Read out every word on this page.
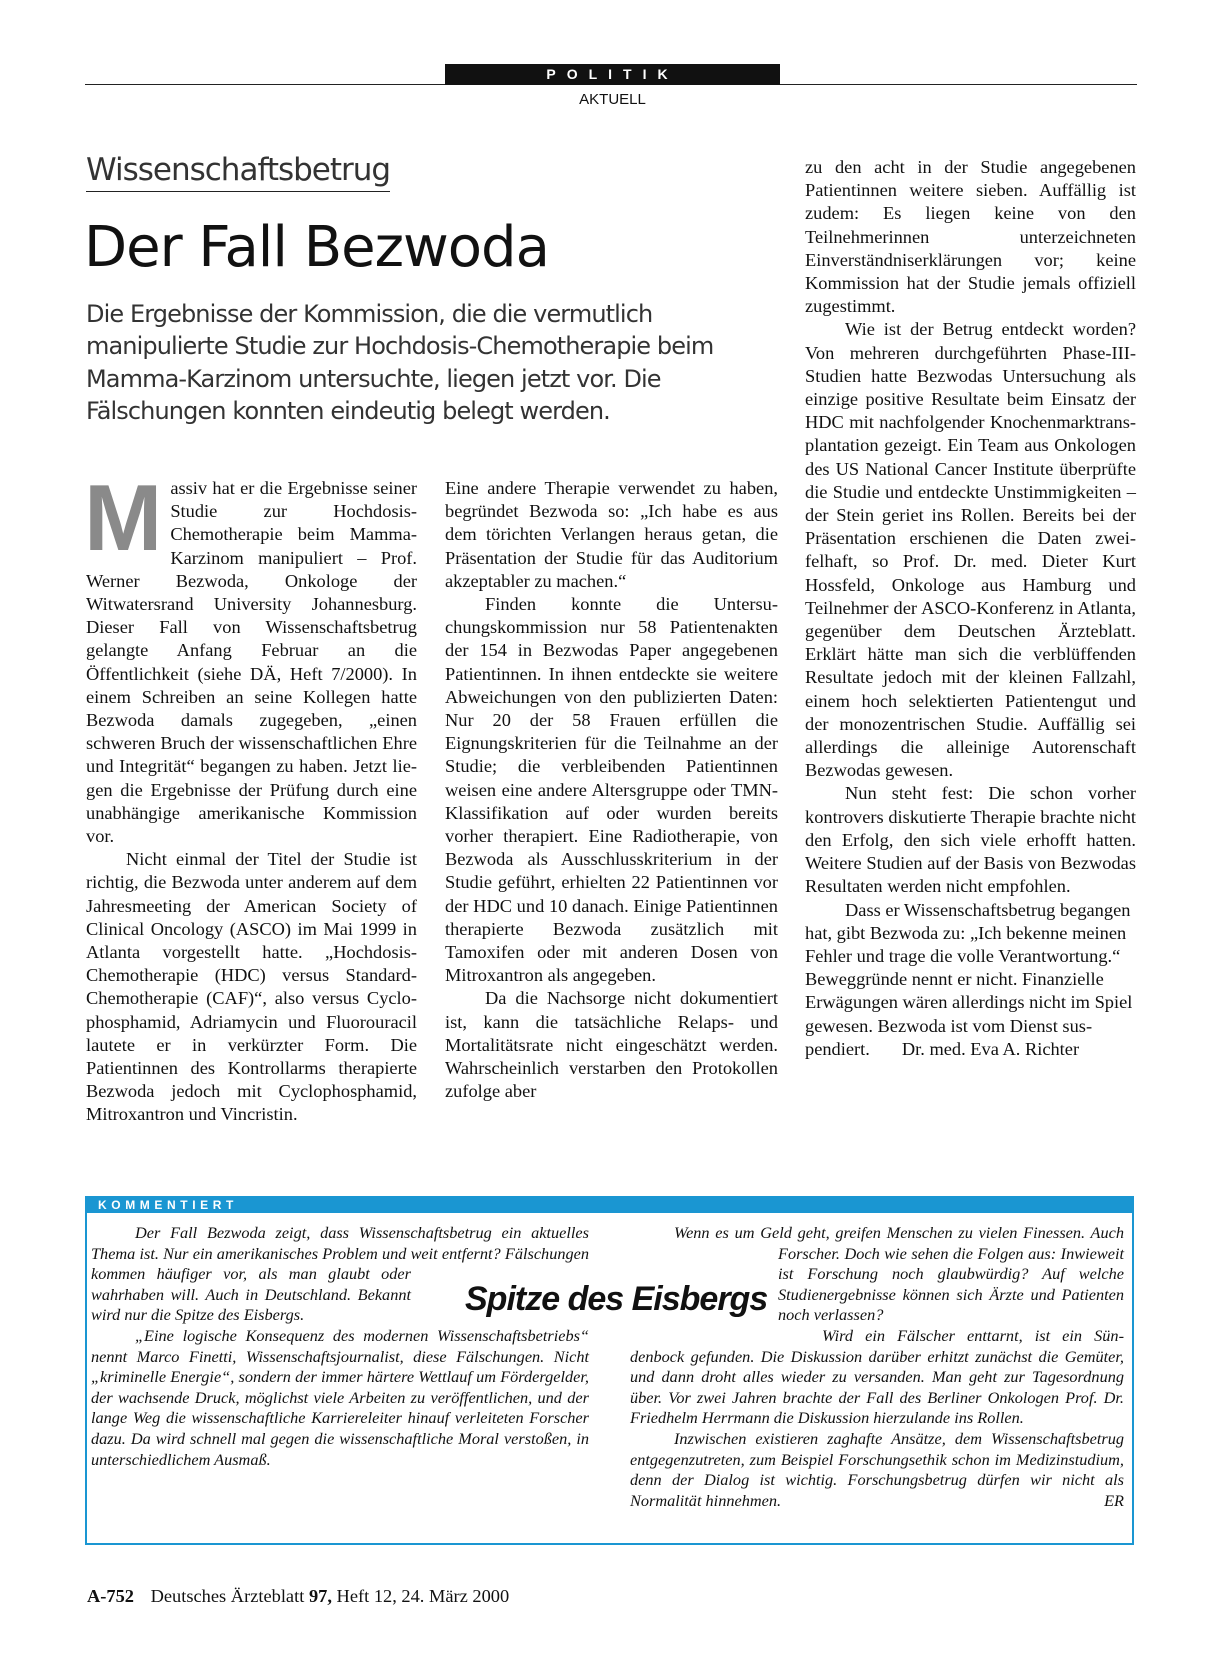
POLITIK
AKTUELL
Wissenschaftsbetrug
Der Fall Bezwoda

Die Ergebnisse der Kommission, die die vermutlich manipulierte Studie zur Hochdosis-Chemotherapie beim Mamma-Karzinom untersuchte, liegen jetzt vor. Die Fälschungen konnten eindeutig belegt werden.

M assiv hat er die Ergebnisse seiner Studie zur Hochdosis-Chemotherapie beim Mamma-Karzinom manipuliert – Prof. Werner Bezwoda, Onkologe der Witwatersrand University Johannesburg. Dieser Fall von Wissenschaftsbetrug gelangte Anfang Februar an die Öffentlichkeit (siehe DÄ, Heft 7/2000). In einem Schreiben an seine Kollegen hatte Bezwoda damals zugegeben, „einen schweren Bruch der wissenschaftlichen Ehre und Integrität“ begangen zu haben. Jetzt liegen die Ergebnisse der Prüfung durch eine unabhängige amerikanische Kommission vor.

Nicht einmal der Titel der Studie ist richtig, die Bezwoda unter anderem auf dem Jahresmeeting der American Society of Clinical Oncology (ASCO) im Mai 1999 in Atlanta vorgestellt hatte. „Hochdosis-Chemotherapie (HDC) versus Standard-Chemotherapie (CAF)“, also versus Cyclophosphamid, Adriamycin und Fluorouracil lautete er in verkürzter Form. Die Patientinnen des Kontrollarms therapierte Bezwoda jedoch mit Cyclophosphamid, Mitroxantron und Vincristin.

Eine andere Therapie verwendet zu haben, begründet Bezwoda so: „Ich habe es aus dem törichten Verlangen heraus getan, die Präsentation der Studie für das Auditorium akzeptabler zu machen.“

Finden konnte die Untersuchungskommission nur 58 Patientenakten der 154 in Bezwodas Paper angegebenen Patientinnen. In ihnen entdeckte sie weitere Abweichungen von den publizierten Daten: Nur 20 der 58 Frauen erfüllen die Eignungskriterien für die Teilnahme an der Studie; die verbleibenden Patientinnen weisen eine andere Altersgruppe oder TMN-Klassifikation auf oder wurden bereits vorher therapiert. Eine Radiotherapie, von Bezwoda als Ausschlusskriterium in der Studie geführt, erhielten 22 Patientinnen vor der HDC und 10 danach. Einige Patientinnen therapierte Bezwoda zusätzlich mit Tamoxifen oder mit anderen Dosen von Mitroxantron als angegeben.

Da die Nachsorge nicht dokumentiert ist, kann die tatsächliche Relaps- und Mortalitätsrate nicht eingeschätzt werden. Wahrscheinlich verstarben den Protokollen zufolge aber

zu den acht in der Studie angegebenen Patientinnen weitere sieben. Auffällig ist zudem: Es liegen keine von den Teilnehmerinnen unterzeichneten Einverständniserklärungen vor; keine Kommission hat der Studie jemals offiziell zugestimmt.

Wie ist der Betrug entdeckt worden? Von mehreren durchgeführten Phase-III-Studien hatte Bezwodas Untersuchung als einzige positive Resultate beim Einsatz der HDC mit nachfolgender Knochenmarktransplantation gezeigt. Ein Team aus Onkologen des US National Cancer Institute überprüfte die Studie und entdeckte Unstimmigkeiten – der Stein geriet ins Rollen. Bereits bei der Präsentation erschienen die Daten zweifelhaft, so Prof. Dr. med. Dieter Kurt Hossfeld, Onkologe aus Hamburg und Teilnehmer der ASCO-Konferenz in Atlanta, gegenüber dem Deutschen Ärzteblatt. Erklärt hätte man sich die verblüffenden Resultate jedoch mit der kleinen Fallzahl, einem hoch selektierten Patientengut und der monozentrischen Studie. Auffällig sei allerdings die alleinige Autorenschaft Bezwodas gewesen.

Nun steht fest: Die schon vorher kontrovers diskutierte Therapie brachte nicht den Erfolg, den sich viele erhofft hatten. Weitere Studien auf der Basis von Bezwodas Resultaten werden nicht empfohlen.

Dass er Wissenschaftsbetrug begangen hat, gibt Bezwoda zu: „Ich bekenne meinen Fehler und trage die volle Verantwortung.“ Beweggründe nennt er nicht. Finanzielle Erwägungen wären allerdings nicht im Spiel gewesen. Bezwoda ist vom Dienst suspendiert. Dr. med. Eva A. Richter

KOMMENTIERT
Spitze des Eisbergs

Der Fall Bezwoda zeigt, dass Wissenschaftsbetrug ein aktuelles Thema ist. Nur ein amerikanisches Problem und weit entfernt? Fälschungen kommen häufiger vor, als man glaubt oder wahrhaben will. Auch in Deutschland. Bekannt wird nur die Spitze des Eisbergs.

„Eine logische Konsequenz des modernen Wissenschaftsbetriebs“ nennt Marco Finetti, Wissenschaftsjournalist, diese Fälschungen. Nicht „kriminelle Energie“, sondern der immer härtere Wettlauf um Fördergelder, der wachsende Druck, möglichst viele Arbeiten zu veröffentlichen, und der lange Weg die wissenschaftliche Karriereleiter hinauf verleiteten Forscher dazu. Da wird schnell mal gegen die wissenschaftliche Moral verstoßen, in unterschiedlichem Ausmaß.

Wenn es um Geld geht, greifen Menschen zu vielen Finessen. Auch Forscher. Doch wie sehen die Folgen aus: Inwieweit ist Forschung noch glaubwürdig? Auf welche Studienergebnisse können sich Ärzte und Patienten noch verlassen?

Wird ein Fälscher enttarnt, ist ein Sündenbock gefunden. Die Diskussion darüber erhitzt zunächst die Gemüter, und dann droht alles wieder zu versanden. Man geht zur Tagesordnung über. Vor zwei Jahren brachte der Fall des Berliner Onkologen Prof. Dr. Friedhelm Herrmann die Diskussion hierzulande ins Rollen.

Inzwischen existieren zaghafte Ansätze, dem Wissenschaftsbetrug entgegenzutreten, zum Beispiel Forschungsethik schon im Medizinstudium, denn der Dialog ist wichtig. Forschungsbetrug dürfen wir nicht als Normalität hinnehmen.	ER
A-752 Deutsches Ärzteblatt 97, Heft 12, 24. März 2000
